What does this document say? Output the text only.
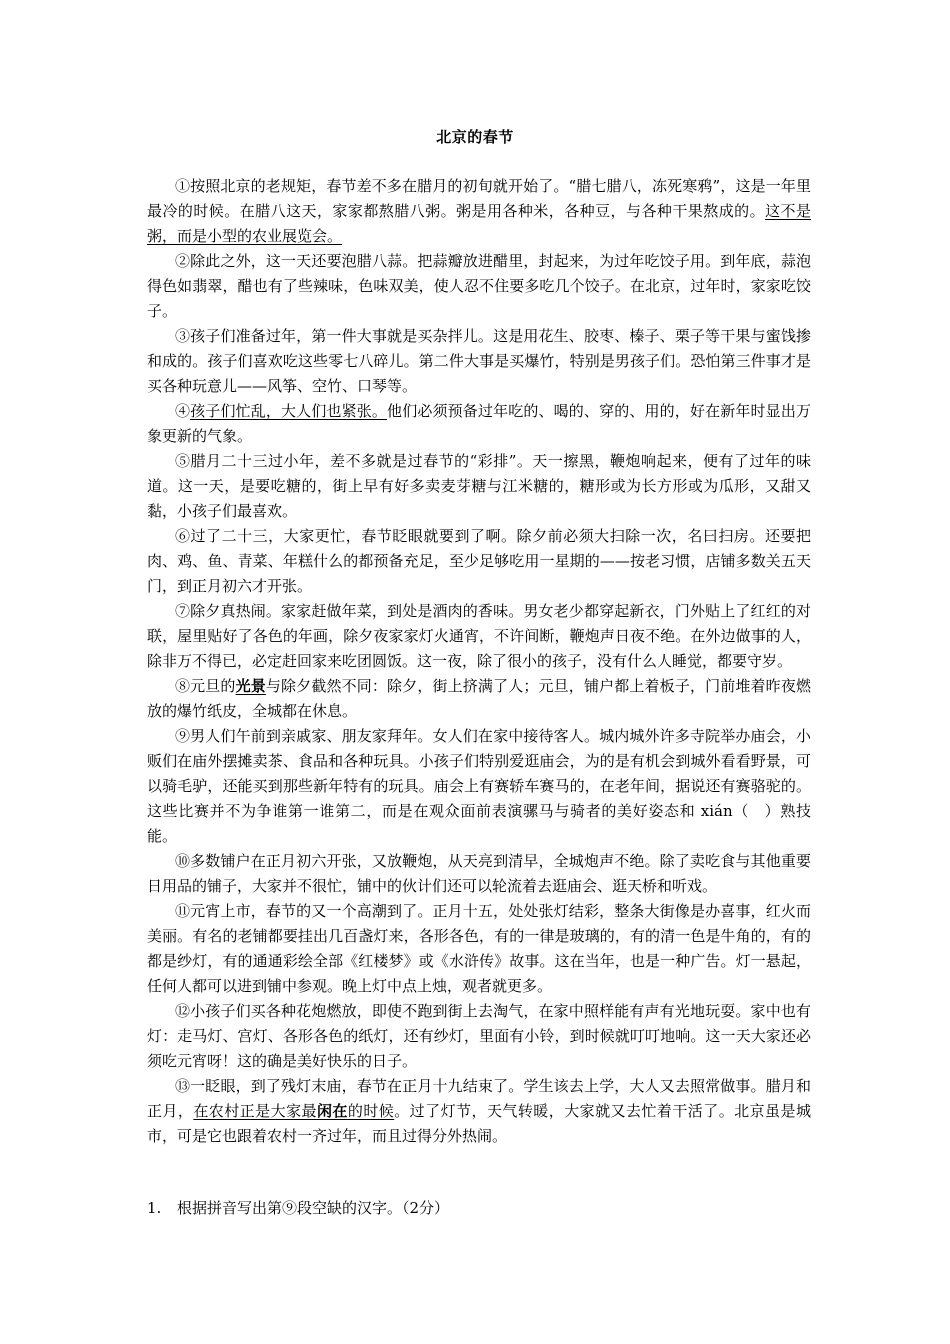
北京的春节

①按照北京的老规矩，春节差不多在腊月的初旬就开始了。“腊七腊八，冻死寒鸦”，这是一年里最冷的时候。在腊八这天，家家都熬腊八粥。粥是用各种米，各种豆，与各种干果熬成的。这不是粥，而是小型的农业展览会。

②除此之外，这一天还要泡腊八蒜。把蒜瓣放进醋里，封起来，为过年吃饺子用。到年底，蒜泡得色如翡翠，醋也有了些辣味，色味双美，使人忍不住要多吃几个饺子。在北京，过年时，家家吃饺子。

③孩子们准备过年，第一件大事就是买杂拌儿。这是用花生、胶枣、榛子、栗子等干果与蜜饯掺和成的。孩子们喜欢吃这些零七八碎儿。第二件大事是买爆竹，特别是男孩子们。恐怕第三件事才是买各种玩意儿——风筝、空竹、口琴等。

④孩子们忙乱，大人们也紧张。他们必须预备过年吃的、喝的、穿的、用的，好在新年时显出万象更新的气象。

⑤腊月二十三过小年，差不多就是过春节的“彩排”。天一擦黑，鞭炮响起来，便有了过年的味道。这一天，是要吃糖的，街上早有好多卖麦芽糖与江米糖的，糖形或为长方形或为瓜形，又甜又黏，小孩子们最喜欢。

⑥过了二十三，大家更忙，春节眨眼就要到了啊。除夕前必须大扫除一次，名曰扫房。还要把肉、鸡、鱼、青菜、年糕什么的都预备充足，至少足够吃用一星期的——按老习惯，店铺多数关五天门，到正月初六才开张。

⑦除夕真热闹。家家赶做年菜，到处是酒肉的香味。男女老少都穿起新衣，门外贴上了红红的对联，屋里贴好了各色的年画，除夕夜家家灯火通宵，不许间断，鞭炮声日夜不绝。在外边做事的人，除非万不得已，必定赶回家来吃团圆饭。这一夜，除了很小的孩子，没有什么人睡觉，都要守岁。

⑧元旦的光景与除夕截然不同：除夕，街上挤满了人；元旦，铺户都上着板子，门前堆着昨夜燃放的爆竹纸皮，全城都在休息。

⑨男人们午前到亲戚家、朋友家拜年。女人们在家中接待客人。城内城外许多寺院举办庙会，小贩们在庙外摆摊卖茶、食品和各种玩具。小孩子们特别爱逛庙会，为的是有机会到城外看看野景，可以骑毛驴，还能买到那些新年特有的玩具。庙会上有赛轿车赛马的，在老年间，据说还有赛骆驼的。这些比赛并不为争谁第一谁第二，而是在观众面前表演骡马与骑者的美好姿态和 xián（　）熟技能。

⑩多数铺户在正月初六开张，又放鞭炮，从天亮到清早，全城炮声不绝。除了卖吃食与其他重要日用品的铺子，大家并不很忙，铺中的伙计们还可以轮流着去逛庙会、逛天桥和听戏。

⑪元宵上市，春节的又一个高潮到了。正月十五，处处张灯结彩，整条大街像是办喜事，红火而美丽。有名的老铺都要挂出几百盏灯来，各形各色，有的一律是玻璃的，有的清一色是牛角的，有的都是纱灯，有的通通彩绘全部《红楼梦》或《水浒传》故事。这在当年，也是一种广告。灯一悬起，任何人都可以进到铺中参观。晚上灯中点上烛，观者就更多。

⑫小孩子们买各种花炮燃放，即使不跑到街上去淘气，在家中照样能有声有光地玩耍。家中也有灯：走马灯、宫灯、各形各色的纸灯，还有纱灯，里面有小铃，到时候就叮叮地响。这一天大家还必须吃元宵呀！这的确是美好快乐的日子。

⑬一眨眼，到了残灯末庙，春节在正月十九结束了。学生该去上学，大人又去照常做事。腊月和正月，在农村正是大家最闲在的时候。过了灯节，天气转暖，大家就又去忙着干活了。北京虽是城市，可是它也跟着农村一齐过年，而且过得分外热闹。

1. 根据拼音写出第⑨段空缺的汉字。（2分）
